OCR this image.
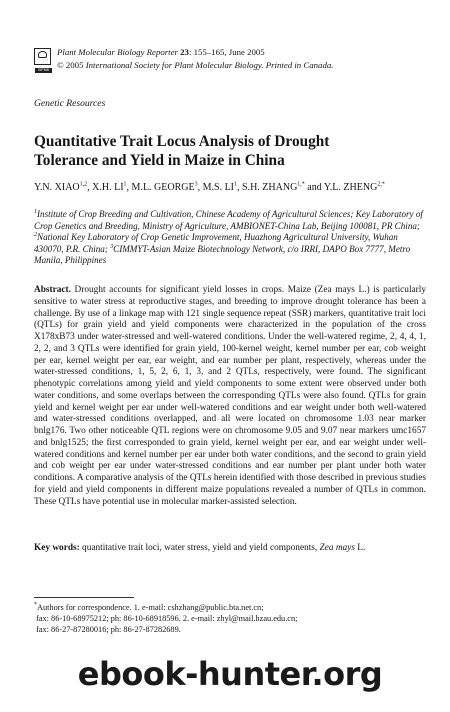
ISPMB
Plant Molecular Biology Reporter 23: 155–165, June 2005
© 2005 International Society for Plant Molecular Biology. Printed in Canada.
Genetic Resources
Quantitative Trait Locus Analysis of Drought Tolerance and Yield in Maize in China
Y.N. XIAO$^{1,2}$, X.H. $LI^1$, M.L. GEORGE$^3$, M.S. $LI^1$, S.H. $ZHANG^{1,*}$ and Y.L. $ZHENG^{2,*}$
$^1$Institute of Crop Breeding and Cultivation, Chinese Academy of Agricultural Sciences; Key Laboratory of Crop Genetics and Breeding, Ministry of Agriculture, AMBIONET-China Lab, Beijing 100081, PR China; $^2$National Key Laboratory of Crop Genetic Improvement, Huazhong Agricultural University, Wuhan 430070, P.R. China; $^3$CIMMYT-Asian Maize Biotechnology Network, c/o IRRI, DAPO Box 7777, Metro Manila, Philippines
Abstract. Drought accounts for significant yield losses in crops. Maize (Zea mays L.) is particularly sensitive to water stress at reproductive stages, and breeding to improve drought tolerance has been a challenge. By use of a linkage map with 121 single sequence repeat (SSR) markers, quantitative trait loci (QTLs) for grain yield and yield components were characterized in the population of the cross X178xB73 under water-stressed and well-watered conditions. Under the well-watered regime, 2, 4, 4, 1, 2, 2, and 3 QTLs were identified for grain yield, 100-kernel weight, kernel number per ear, cob weight per ear, kernel weight per ear, ear weight, and ear number per plant, respectively, whereas under the water-stressed conditions, 1, 5, 2, 6, 1, 3, and 2 QTLs, respectively, were found. The significant phenotypic correlations among yield and yield components to some extent were observed under both water conditions, and some overlaps between the corresponding QTLs were also found. QTLs for grain yield and kernel weight per ear under well-watered conditions and ear weight under both well-watered and water-stressed conditions overlapped, and all were located on chromosome 1.03 near marker bnlg176. Two other noticeable QTL regions were on chromosome 9.05 and 9.07 near markers umc1657 and bnlg1525; the first corresponded to grain yield, kernel weight per ear, and ear weight under well-watered conditions and kernel number per ear under both water conditions, and the second to grain yield and cob weight per ear under water-stressed conditions and ear number per plant under both water conditions. A comparative analysis of the QTLs herein identified with those described in previous studies for yield and yield components in different maize populations revealed a number of QTLs in common. These QTLs have potential use in molecular marker-assisted selection.
Key words: quantitative trait loci, water stress, yield and yield components, Zea mays L.
*Authors for correspondence. 1. e-mail: cshzhang@public.bta.net.cn;
fax: 86-10-68975212; ph: 86-10-68918596. 2. e-mail: zhyl@mail.hzau.edu.cn;
fax: 86-27-87280016; ph: 86-27-87282689.
ebook-hunter.org
